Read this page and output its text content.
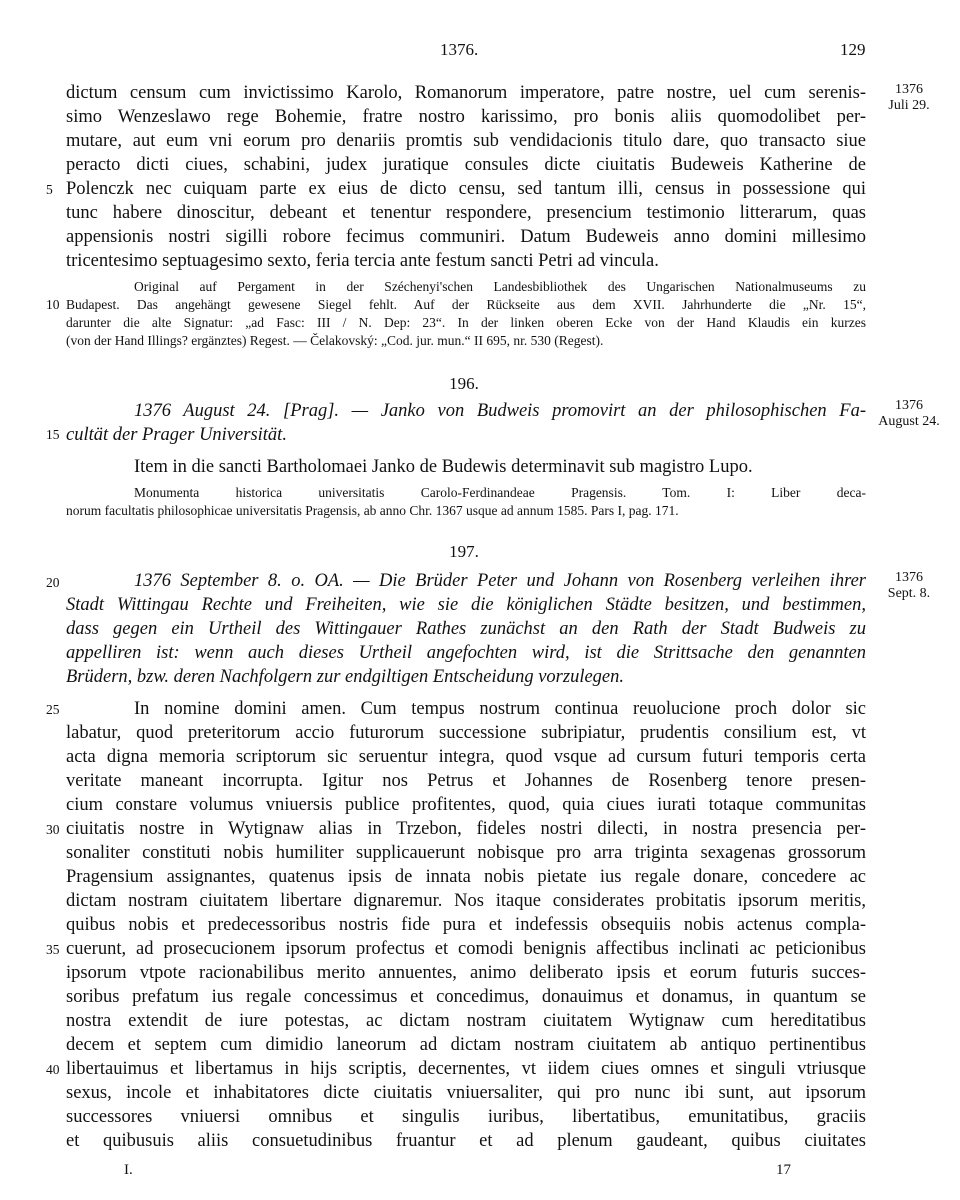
1376.	129
dictum censum cum invictissimo Karolo, Romanorum imperatore, patre nostre, uel cum serenis-
simo Wenzeslawo rege Bohemie, fratre nostro karissimo, pro bonis aliis quomodolibet per-
mutare, aut eum vni eorum pro denariis promtis sub vendidacionis titulo dare, quo transacto siue
peracto dicti ciues, schabini, judex juratique consules dicte ciuitatis Budeweis Katherine de
Polenczk nec cuiquam parte ex eius de dicto censu, sed tantum illi, census in possessione qui
tunc habere dinoscitur, debeant et tenentur respondere, presencium testimonio litterarum, quas
appensionis nostri sigilli robore fecimus communiri. Datum Budeweis anno domini millesimo
tricentesimo septuagesimo sexto, feria tercia ante festum sancti Petri ad vincula.
1376
Juli 29.
Original auf Pergament in der Széchenyi'schen Landesbibliothek des Ungarischen Nationalmuseums zu
Budapest. Das angehängt gewesene Siegel fehlt. Auf der Rückseite aus dem XVII. Jahrhunderte die „Nr. 15“,
darunter die alte Signatur: „ad Fasc: III / N. Dep: 23“. In der linken oberen Ecke von der Hand Klaudis ein kurzes
(von der Hand Illings? ergänztes) Regest. — Čelakovský: „Cod. jur. mun.“ II 695, nr. 530 (Regest).
196.
1376 August 24. [Prag]. — Janko von Budweis promovirt an der philosophischen Fa-
cultät der Prager Universität.
1376
August 24.
Item in die sancti Bartholomaei Janko de Budewis determinavit sub magistro Lupo.
Monumenta historica universitatis Carolo-Ferdinandeae Pragensis. Tom. I: Liber deca-
norum facultatis philosophicae universitatis Pragensis, ab anno Chr. 1367 usque ad annum 1585. Pars I, pag. 171.
197.
1376 September 8. o. OA. — Die Brüder Peter und Johann von Rosenberg verleihen ihrer
Stadt Wittingau Rechte und Freiheiten, wie sie die königlichen Städte besitzen, und bestimmen,
dass gegen ein Urtheil des Wittingauer Rathes zunächst an den Rath der Stadt Budweis zu
appelliren ist: wenn auch dieses Urtheil angefochten wird, ist die Strittsache den genannten
Brüdern, bzw. deren Nachfolgern zur endgiltigen Entscheidung vorzulegen.
1376
Sept. 8.
In nomine domini amen. Cum tempus nostrum continua reuolucione proch dolor sic
labatur, quod preteritorum accio futurorum successione subripiatur, prudentis consilium est, vt
acta digna memoria scriptorum sic seruentur integra, quod vsque ad cursum futuri temporis certa
veritate maneant incorrupta. Igitur nos Petrus et Johannes de Rosenberg tenore presen-
cium constare volumus vniuersis publice profitentes, quod, quia ciues iurati totaque communitas
ciuitatis nostre in Wytignaw alias in Trzebon, fideles nostri dilecti, in nostra presencia per-
sonaliter constituti nobis humiliter supplicauerunt nobisque pro arra triginta sexagenas grossorum
Pragensium assignantes, quatenus ipsis de innata nobis pietate ius regale donare, concedere ac
dictam nostram ciuitatem libertare dignaremur. Nos itaque considerates probitatis ipsorum meritis,
quibus nobis et predecessoribus nostris fide pura et indefessis obsequiis nobis actenus compla-
cuerunt, ad prosecucionem ipsorum profectus et comodi benignis affectibus inclinati ac peticionibus
ipsorum vtpote racionabilibus merito annuentes, animo deliberato ipsis et eorum futuris succes-
soribus prefatum ius regale concessimus et concedimus, donauimus et donamus, in quantum se
nostra extendit de iure potestas, ac dictam nostram ciuitatem Wytignaw cum hereditatibus
decem et septem cum dimidio laneorum ad dictam nostram ciuitatem ab antiquo pertinentibus
libertauimus et libertamus in hijs scriptis, decernentes, vt iidem ciues omnes et singuli vtriusque
sexus, incole et inhabitatores dicte ciuitatis vniuersaliter, qui pro nunc ibi sunt, aut ipsorum
successores vniuersi omnibus et singulis iuribus, libertatibus, emunitatibus, graciis
et quibusuis aliis consuetudinibus fruantur et ad plenum gaudeant, quibus ciuitates
5
10
15
20
25
30
35
40
I.	17
